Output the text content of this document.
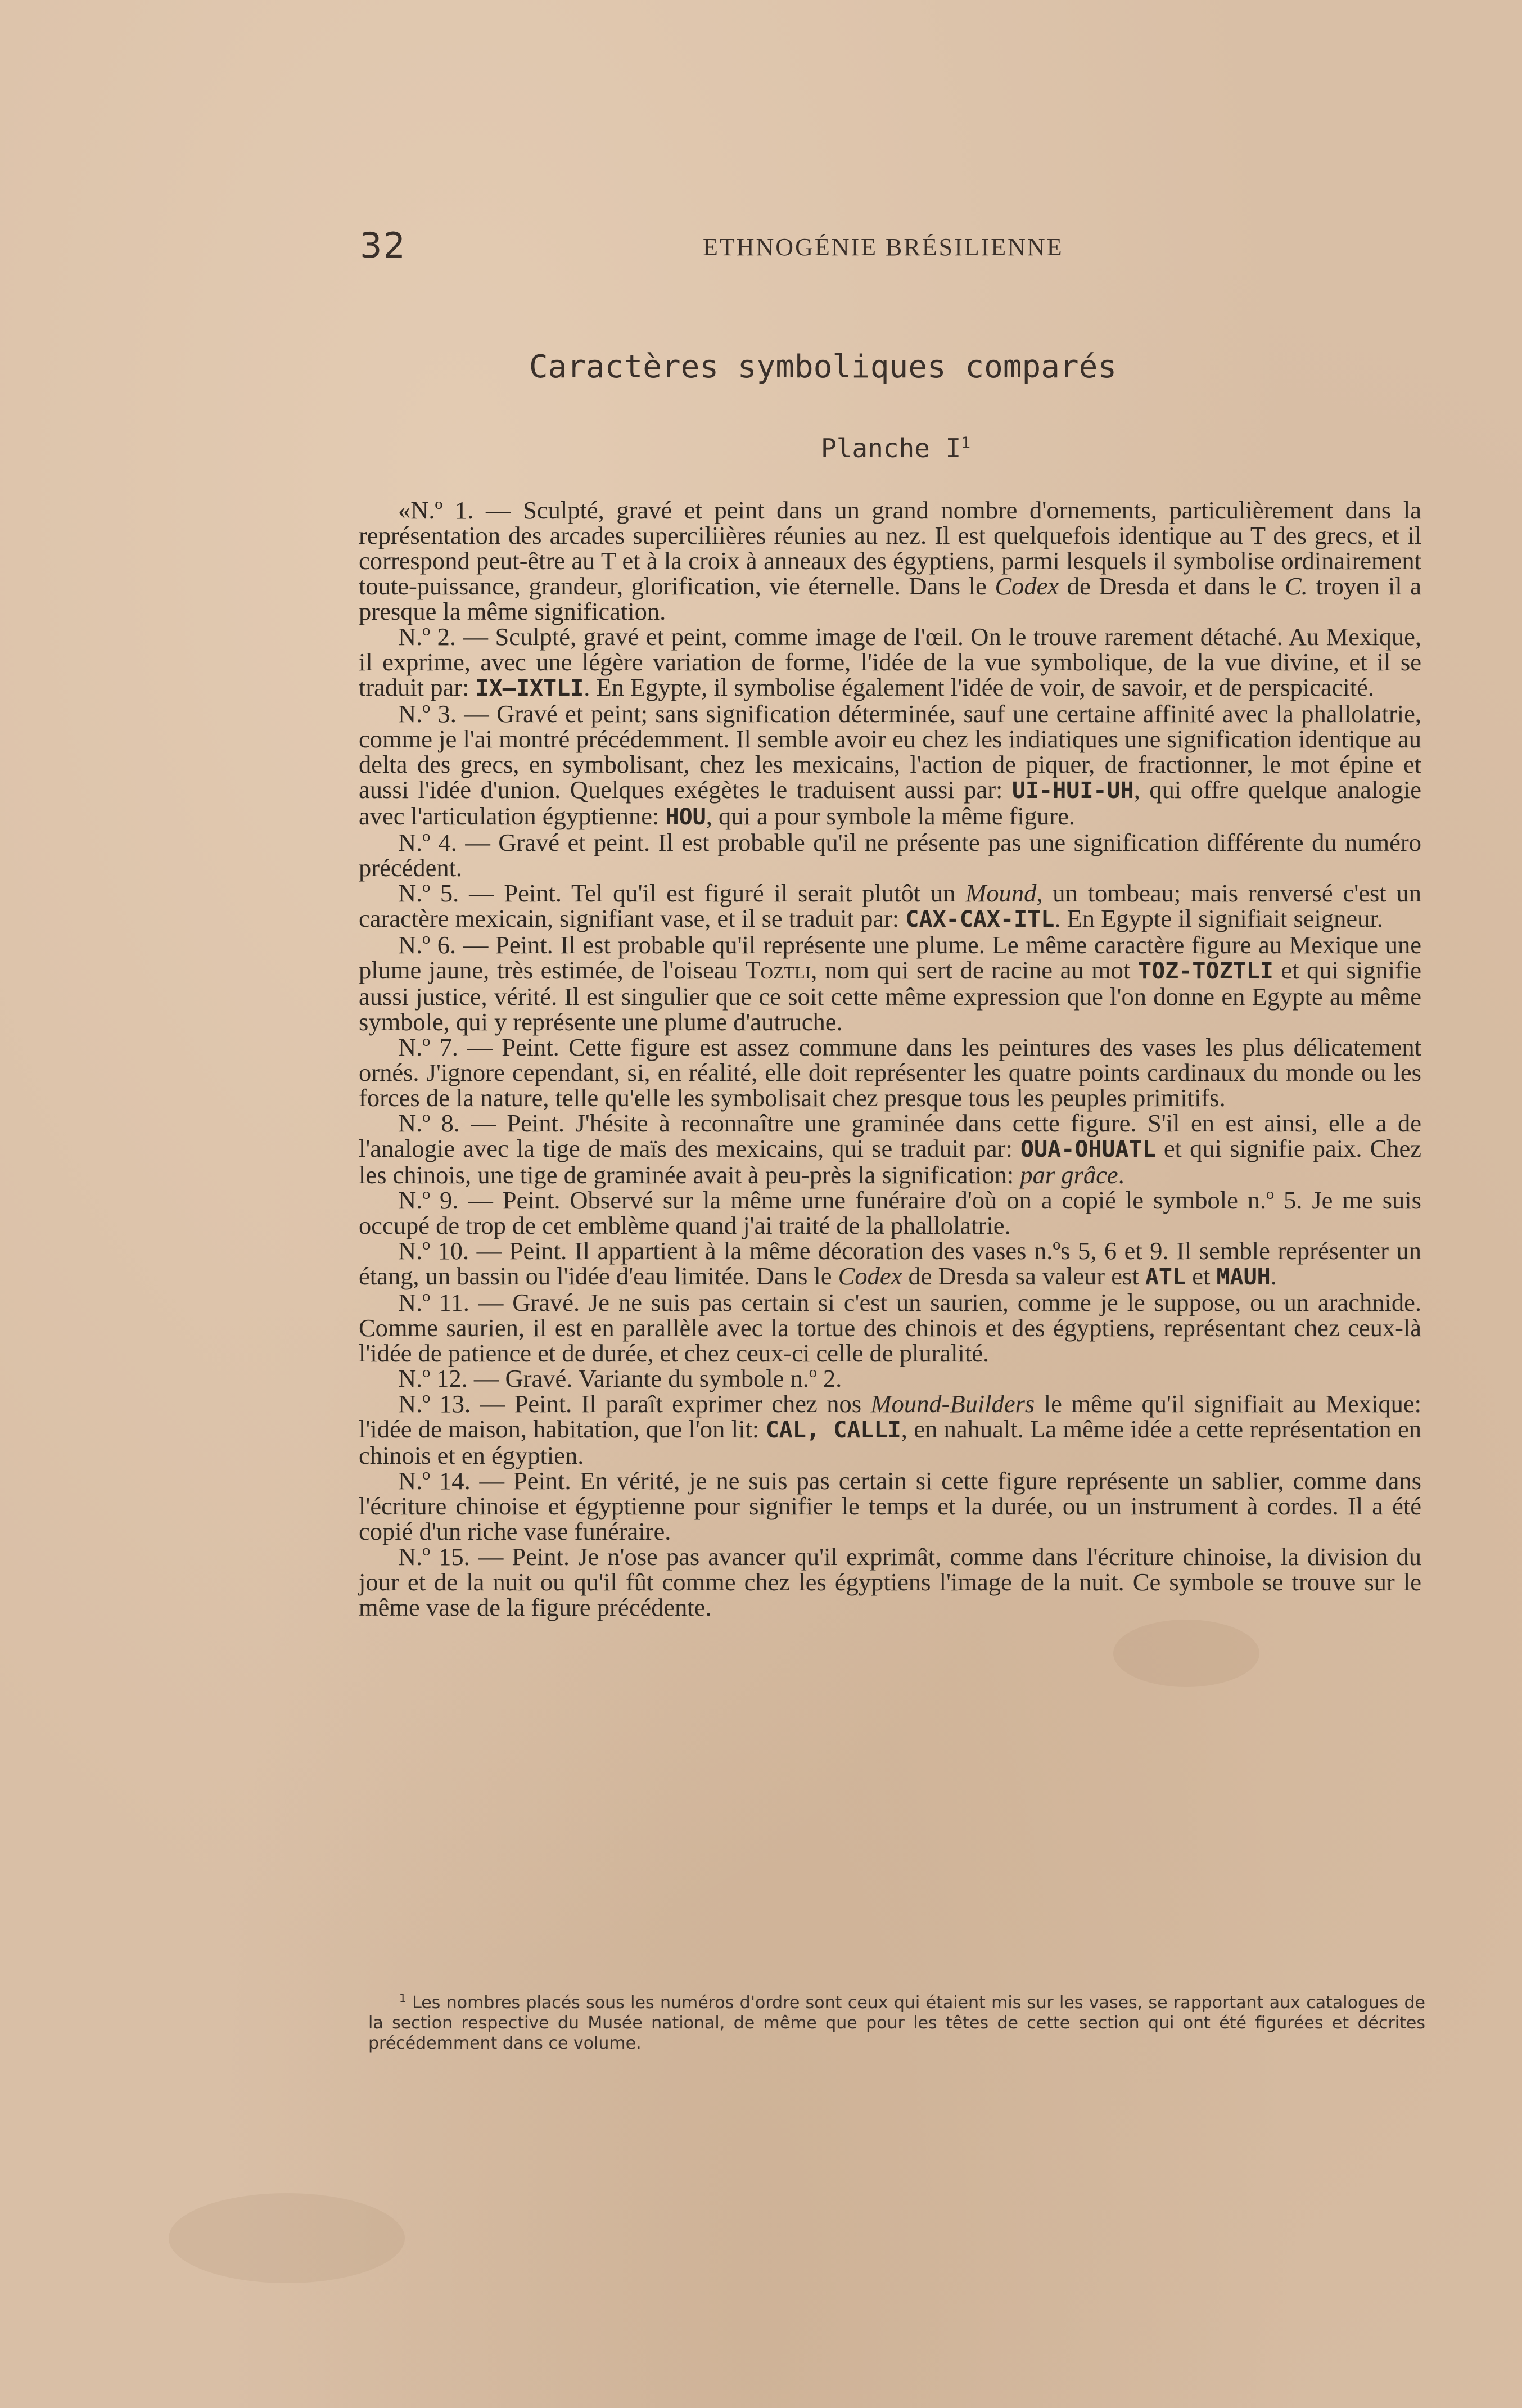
32	ETHNOGÉNIE BRÉSILIENNE
Caractères symboliques comparés
Planche $I^1$

«N.º 1. — Sculpté, gravé et peint dans un grand nombre d'ornements, particulièrement dans la représentation des arcades superciliières réunies au nez. Il est quelquefois identique au T des grecs, et il correspond peut-être au T et à la croix à anneaux des égyptiens, parmi lesquels il symbolise ordinairement toute-puissance, grandeur, glorification, vie éternelle. Dans le Codex de Dresda et dans le C. troyen il a presque la même signification.

N.º 2. — Sculpté, gravé et peint, comme image de l'œil. On le trouve rarement détaché. Au Mexique, il exprime, avec une légère variation de forme, l'idée de la vue symbolique, de la vue divine, et il se traduit par: IX—IXTLI. En Egypte, il symbolise également l'idée de voir, de savoir, et de perspicacité.

N.º 3. — Gravé et peint; sans signification déterminée, sauf une certaine affinité avec la phallolatrie, comme je l'ai montré précédemment. Il semble avoir eu chez les indiatiques une signification identique au delta des grecs, en symbolisant, chez les mexicains, l'action de piquer, de fractionner, le mot épine et aussi l'idée d'union. Quelques exégètes le traduisent aussi par: UI-HUI-UH, qui offre quelque analogie avec l'articulation égyptienne: HOU, qui a pour symbole la même figure.

N.º 4. — Gravé et peint. Il est probable qu'il ne présente pas une signification différente du numéro précédent.

N.º 5. — Peint. Tel qu'il est figuré il serait plutôt un Mound, un tombeau; mais renversé c'est un caractère mexicain, signifiant vase, et il se traduit par: CAX-CAX-ITL. En Egypte il signifiait seigneur.

N.º 6. — Peint. Il est probable qu'il représente une plume. Le même caractère figure au Mexique une plume jaune, très estimée, de l'oiseau Toztli, nom qui sert de racine au mot TOZ-TOZTLI et qui signifie aussi justice, vérité. Il est singulier que ce soit cette même expression que l'on donne en Egypte au même symbole, qui y représente une plume d'autruche.

N.º 7. — Peint. Cette figure est assez commune dans les peintures des vases les plus délicatement ornés. J'ignore cependant, si, en réalité, elle doit représenter les quatre points cardinaux du monde ou les forces de la nature, telle qu'elle les symbolisait chez presque tous les peuples primitifs.

N.º 8. — Peint. J'hésite à reconnaître une graminée dans cette figure. S'il en est ainsi, elle a de l'analogie avec la tige de maïs des mexicains, qui se traduit par: OUA-OHUATL et qui signifie paix. Chez les chinois, une tige de graminée avait à peu-près la signification: par grâce.

N.º 9. — Peint. Observé sur la même urne funéraire d'où on a copié le symbole n.º 5. Je me suis occupé de trop de cet emblème quand j'ai traité de la phallolatrie.

N.º 10. — Peint. Il appartient à la même décoration des vases n.ºs 5, 6 et 9. Il semble représenter un étang, un bassin ou l'idée d'eau limitée. Dans le Codex de Dresda sa valeur est ATL et MAUH.

N.º 11. — Gravé. Je ne suis pas certain si c'est un saurien, comme je le suppose, ou un arachnide. Comme saurien, il est en parallèle avec la tortue des chinois et des égyptiens, représentant chez ceux-là l'idée de patience et de durée, et chez ceux-ci celle de pluralité.

N.º 12. — Gravé. Variante du symbole n.º 2.

N.º 13. — Peint. Il paraît exprimer chez nos Mound-Builders le même qu'il signifiait au Mexique: l'idée de maison, habitation, que l'on lit: CAL, CALLI, en nahualt. La même idée a cette représentation en chinois et en égyptien.

N.º 14. — Peint. En vérité, je ne suis pas certain si cette figure représente un sablier, comme dans l'écriture chinoise et égyptienne pour signifier le temps et la durée, ou un instrument à cordes. Il a été copié d'un riche vase funéraire.

N.º 15. — Peint. Je n'ose pas avancer qu'il exprimât, comme dans l'écriture chinoise, la division du jour et de la nuit ou qu'il fût comme chez les égyptiens l'image de la nuit. Ce symbole se trouve sur le même vase de la figure précédente.

$^1$ Les nombres placés sous les numéros d'ordre sont ceux qui étaient mis sur les vases, se rapportant aux catalogues de la section respective du Musée national, de même que pour les têtes de cette section qui ont été figurées et décrites précédemment dans ce volume.
